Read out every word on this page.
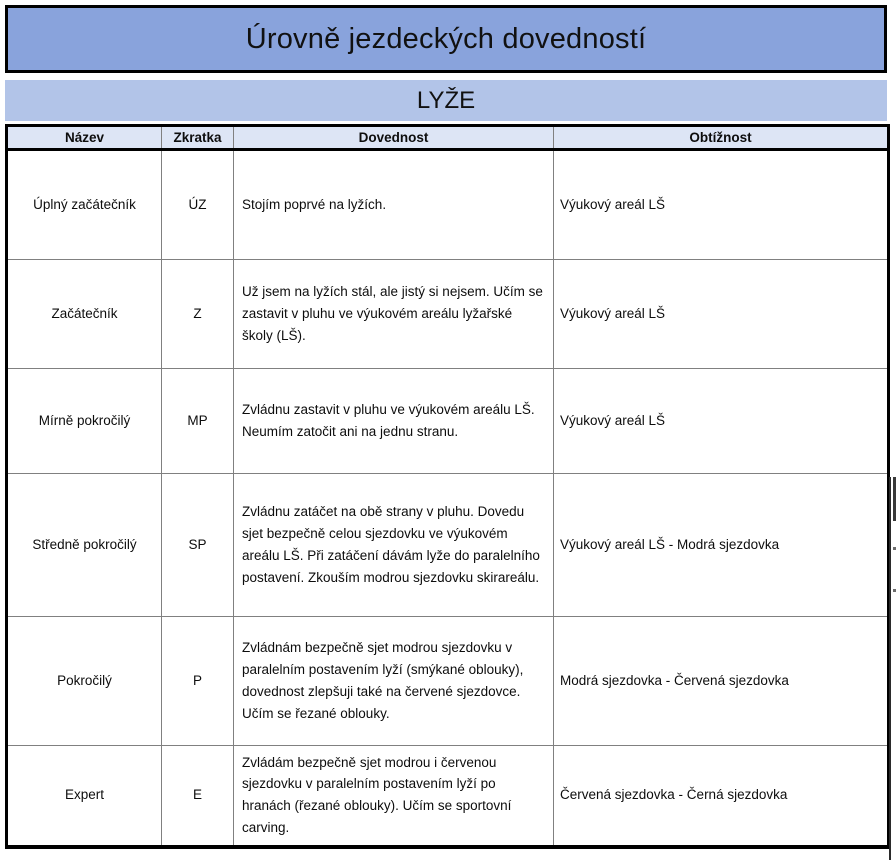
Úrovně jezdeckých dovedností
LYŽE
Název	Zkratka	Dovednost	Obtížnost
Úplný začátečník	ÚZ	Stojím poprvé na lyžích.	Výukový areál LŠ
Začátečník	Z	Už jsem na lyžích stál, ale jistý si nejsem. Učím se zastavit v pluhu ve výukovém areálu lyžařské školy (LŠ).	Výukový areál LŠ
Mírně pokročilý	MP	Zvládnu zastavit v pluhu ve výukovém areálu LŠ. Neumím zatočit ani na jednu stranu.	Výukový areál LŠ
Středně pokročilý	SP	Zvládnu zatáčet na obě strany v pluhu. Dovedu sjet bezpečně celou sjezdovku ve výukovém areálu LŠ. Při zatáčení dávám lyže do paralelního postavení. Zkouším modrou sjezdovku skirareálu.	Výukový areál LŠ - Modrá sjezdovka
Pokročilý	P	Zvládnám bezpečně sjet modrou sjezdovku v paralelním postavením lyží (smýkané oblouky), dovednost zlepšuji také na červené sjezdovce. Učím se řezané oblouky.	Modrá sjezdovka - Červená sjezdovka
Expert	E	Zvládám bezpečně sjet modrou i červenou sjezdovku v paralelním postavením lyží po hranách (řezané oblouky). Učím se sportovní carving.	Červená sjezdovka - Černá sjezdovka
